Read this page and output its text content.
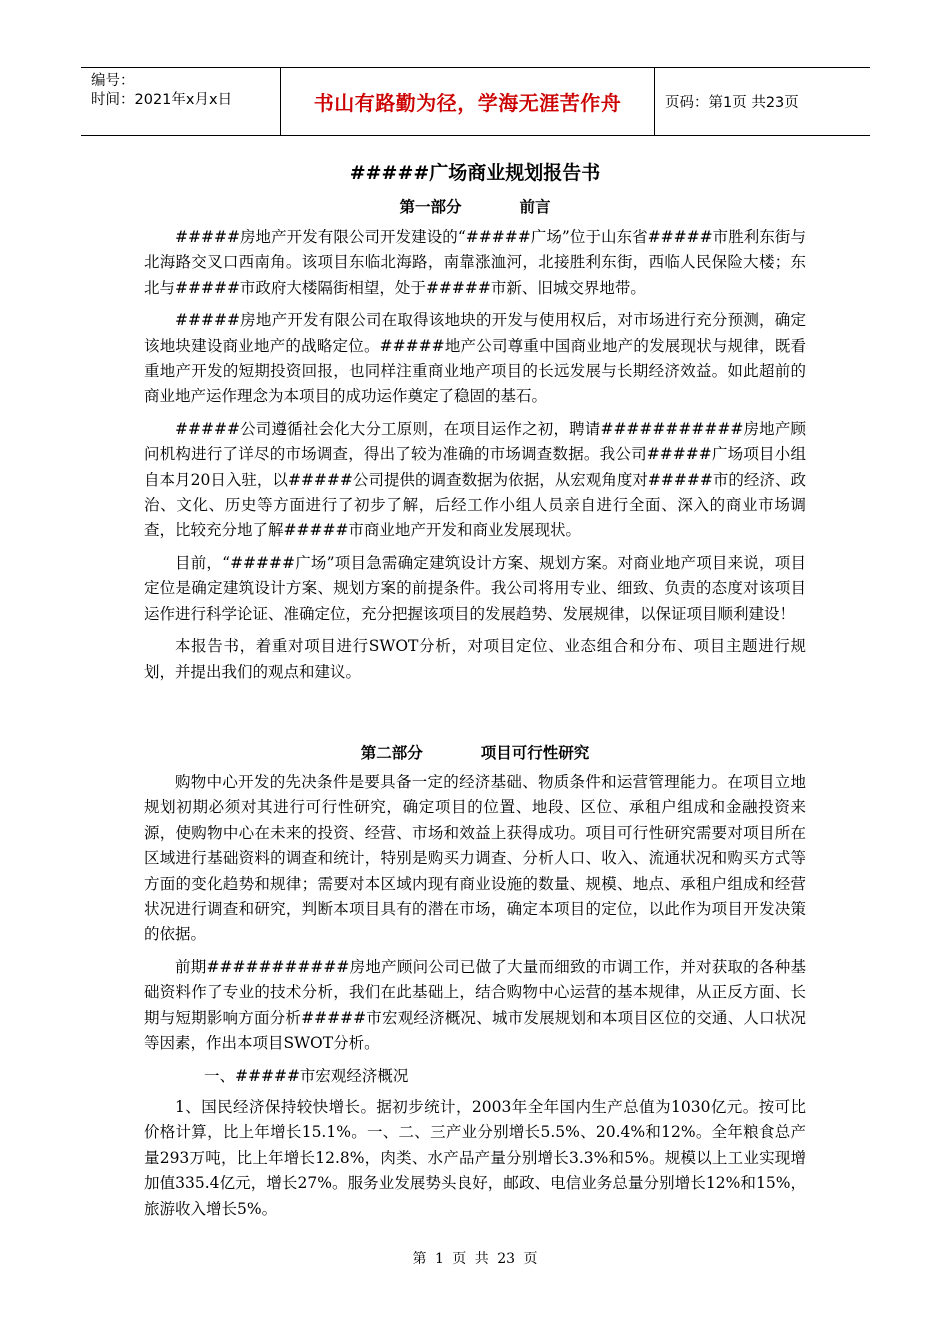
编号：
时间：2021年x月x日	书山有路勤为径，学海无涯苦作舟	页码：第1页 共23页
#####广场商业规划报告书
第一部分	前言

#####房地产开发有限公司开发建设的“#####广场”位于山东省#####市胜利东街与北海路交叉口西南角。该项目东临北海路，南靠涨洫河，北接胜利东街，西临人民保险大楼；东北与#####市政府大楼隔街相望，处于#####市新、旧城交界地带。

#####房地产开发有限公司在取得该地块的开发与使用权后，对市场进行充分预测，确定该地块建设商业地产的战略定位。#####地产公司尊重中国商业地产的发展现状与规律，既看重地产开发的短期投资回报，也同样注重商业地产项目的长远发展与长期经济效益。如此超前的商业地产运作理念为本项目的成功运作奠定了稳固的基石。

#####公司遵循社会化大分工原则，在项目运作之初，聘请###########房地产顾问机构进行了详尽的市场调查，得出了较为准确的市场调查数据。我公司#####广场项目小组自本月20日入驻，以#####公司提供的调查数据为依据，从宏观角度对#####市的经济、政治、文化、历史等方面进行了初步了解，后经工作小组人员亲自进行全面、深入的商业市场调查，比较充分地了解#####市商业地产开发和商业发展现状。

目前，“#####广场”项目急需确定建筑设计方案、规划方案。对商业地产项目来说，项目定位是确定建筑设计方案、规划方案的前提条件。我公司将用专业、细致、负责的态度对该项目运作进行科学论证、准确定位，充分把握该项目的发展趋势、发展规律，以保证项目顺利建设！

本报告书，着重对项目进行SWOT分析，对项目定位、业态组合和分布、项目主题进行规划，并提出我们的观点和建议。

第二部分	项目可行性研究

购物中心开发的先决条件是要具备一定的经济基础、物质条件和运营管理能力。在项目立地规划初期必须对其进行可行性研究，确定项目的位置、地段、区位、承租户组成和金融投资来源，使购物中心在未来的投资、经营、市场和效益上获得成功。项目可行性研究需要对项目所在区域进行基础资料的调查和统计，特别是购买力调查、分析人口、收入、流通状况和购买方式等方面的变化趋势和规律；需要对本区域内现有商业设施的数量、规模、地点、承租户组成和经营状况进行调查和研究，判断本项目具有的潜在市场，确定本项目的定位，以此作为项目开发决策的依据。

前期###########房地产顾问公司已做了大量而细致的市调工作，并对获取的各种基础资料作了专业的技术分析，我们在此基础上，结合购物中心运营的基本规律，从正反方面、长期与短期影响方面分析#####市宏观经济概况、城市发展规划和本项目区位的交通、人口状况等因素，作出本项目SWOT分析。

一、#####市宏观经济概况

1、国民经济保持较快增长。据初步统计，2003年全年国内生产总值为1030亿元。按可比价格计算，比上年增长15.1%。一、二、三产业分别增长5.5%、20.4%和12%。全年粮食总产量293万吨，比上年增长12.8%，肉类、水产品产量分别增长3.3%和5%。规模以上工业实现增加值335.4亿元，增长27%。服务业发展势头良好，邮政、电信业务总量分别增长12%和15%，旅游收入增长5%。

第 1 页 共 23 页
